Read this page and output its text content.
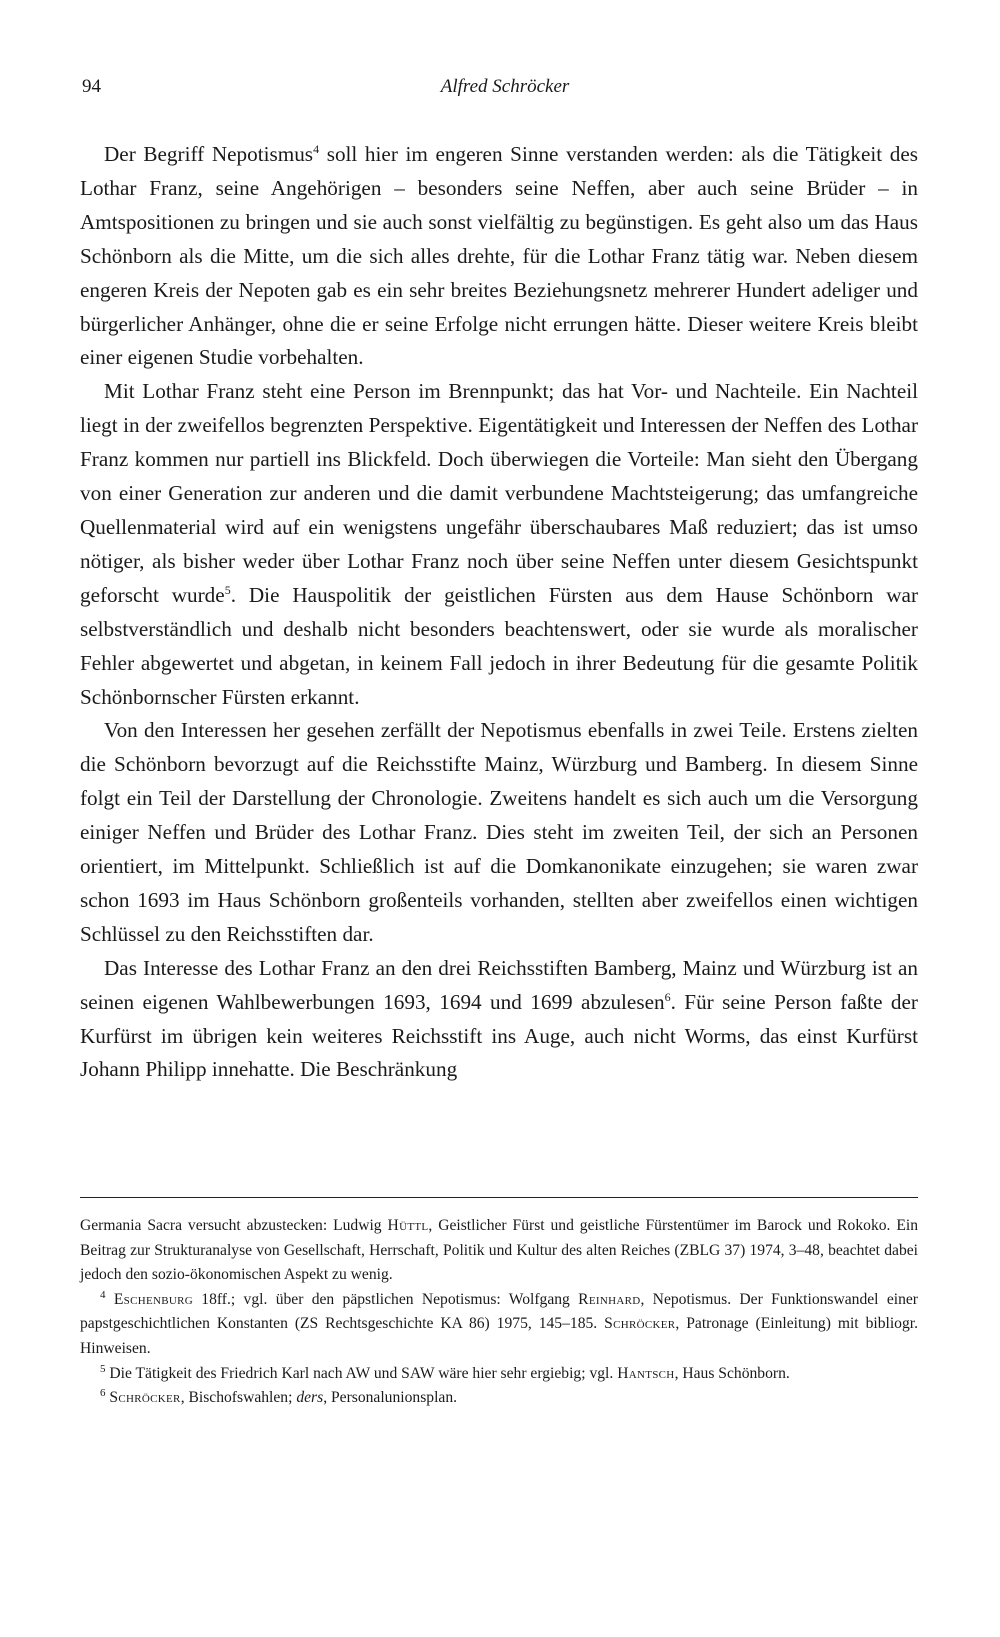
94	Alfred Schröcker

Der Begriff Nepotismus$^4$ soll hier im engeren Sinne verstanden werden: als die Tätigkeit des Lothar Franz, seine Angehörigen – besonders seine Neffen, aber auch seine Brüder – in Amtspositionen zu bringen und sie auch sonst vielfältig zu begünstigen. Es geht also um das Haus Schönborn als die Mitte, um die sich alles drehte, für die Lothar Franz tätig war. Neben diesem engeren Kreis der Nepoten gab es ein sehr breites Beziehungsnetz mehrerer Hundert adeliger und bürgerlicher Anhänger, ohne die er seine Erfolge nicht errungen hätte. Dieser weitere Kreis bleibt einer eigenen Studie vorbehalten.

Mit Lothar Franz steht eine Person im Brennpunkt; das hat Vor- und Nachteile. Ein Nachteil liegt in der zweifellos begrenzten Perspektive. Eigentätigkeit und Interessen der Neffen des Lothar Franz kommen nur partiell ins Blickfeld. Doch überwiegen die Vorteile: Man sieht den Übergang von einer Generation zur anderen und die damit verbundene Machtsteigerung; das umfangreiche Quellenmaterial wird auf ein wenigstens ungefähr überschaubares Maß reduziert; das ist umso nötiger, als bisher weder über Lothar Franz noch über seine Neffen unter diesem Gesichtspunkt geforscht wurde$^5$. Die Hauspolitik der geistlichen Fürsten aus dem Hause Schönborn war selbstverständlich und deshalb nicht besonders beachtenswert, oder sie wurde als moralischer Fehler abgewertet und abgetan, in keinem Fall jedoch in ihrer Bedeutung für die gesamte Politik Schönbornscher Fürsten erkannt.

Von den Interessen her gesehen zerfällt der Nepotismus ebenfalls in zwei Teile. Erstens zielten die Schönborn bevorzugt auf die Reichsstifte Mainz, Würzburg und Bamberg. In diesem Sinne folgt ein Teil der Darstellung der Chronologie. Zweitens handelt es sich auch um die Versorgung einiger Neffen und Brüder des Lothar Franz. Dies steht im zweiten Teil, der sich an Personen orientiert, im Mittelpunkt. Schließlich ist auf die Domkanonikate einzugehen; sie waren zwar schon 1693 im Haus Schönborn großenteils vorhanden, stellten aber zweifellos einen wichtigen Schlüssel zu den Reichsstiften dar.

Das Interesse des Lothar Franz an den drei Reichsstiften Bamberg, Mainz und Würzburg ist an seinen eigenen Wahlbewerbungen 1693, 1694 und 1699 abzulesen$^6$. Für seine Person faßte der Kurfürst im übrigen kein weiteres Reichsstift ins Auge, auch nicht Worms, das einst Kurfürst Johann Philipp innehatte. Die Beschränkung

Germania Sacra versucht abzustecken: Ludwig Hüttl, Geistlicher Fürst und geistliche Fürstentümer im Barock und Rokoko. Ein Beitrag zur Strukturanalyse von Gesellschaft, Herrschaft, Politik und Kultur des alten Reiches (ZBLG 37) 1974, 3–48, beachtet dabei jedoch den sozio-ökonomischen Aspekt zu wenig.

$^4$ Eschenburg 18ff.; vgl. über den päpstlichen Nepotismus: Wolfgang Reinhard, Nepotismus. Der Funktionswandel einer papstgeschichtlichen Konstanten (ZS Rechtsgeschichte KA 86) 1975, 145–185. Schröcker, Patronage (Einleitung) mit bibliogr. Hinweisen.

$^5$ Die Tätigkeit des Friedrich Karl nach AW und SAW wäre hier sehr ergiebig; vgl. Hantsch, Haus Schönborn.

$^6$ Schröcker, Bischofswahlen; ders, Personalunionsplan.
